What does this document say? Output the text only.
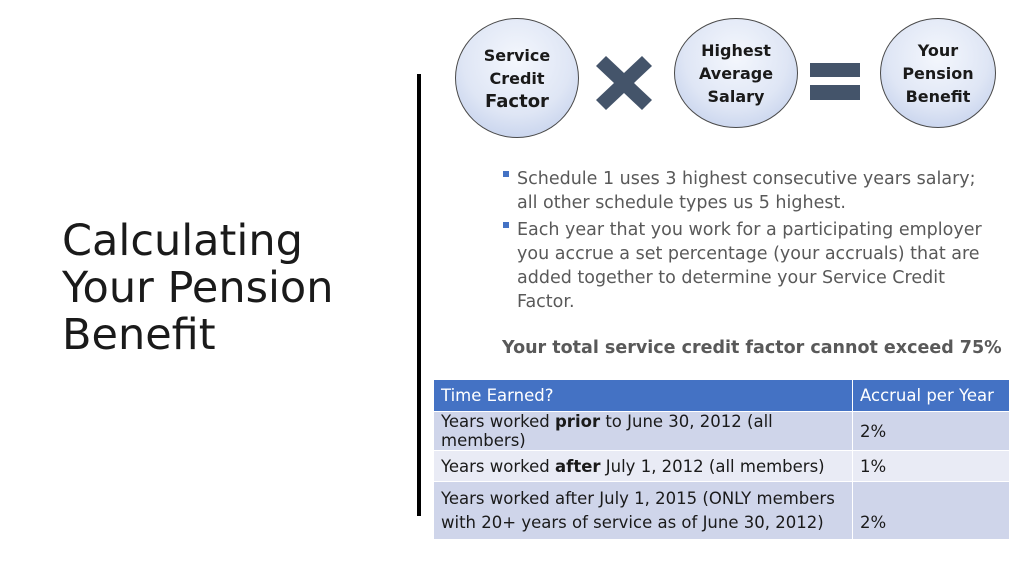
Calculating
Your Pension
Benefit
Service
Credit
Factor
Highest
Average
Salary
Your
Pension
Benefit
Schedule 1 uses 3 highest consecutive years salary; all other schedule types us 5 highest.
Each year that you work for a participating employer you accrue a set percentage (your accruals) that are added together to determine your Service Credit Factor.
Your total service credit factor cannot exceed 75%
Time Earned?	Accrual per Year
Years worked prior to June 30, 2012 (all members)	2%
Years worked after July 1, 2012 (all members)	1%
Years worked after July 1, 2015 (ONLY members with 20+ years of service as of June 30, 2012)	2%
